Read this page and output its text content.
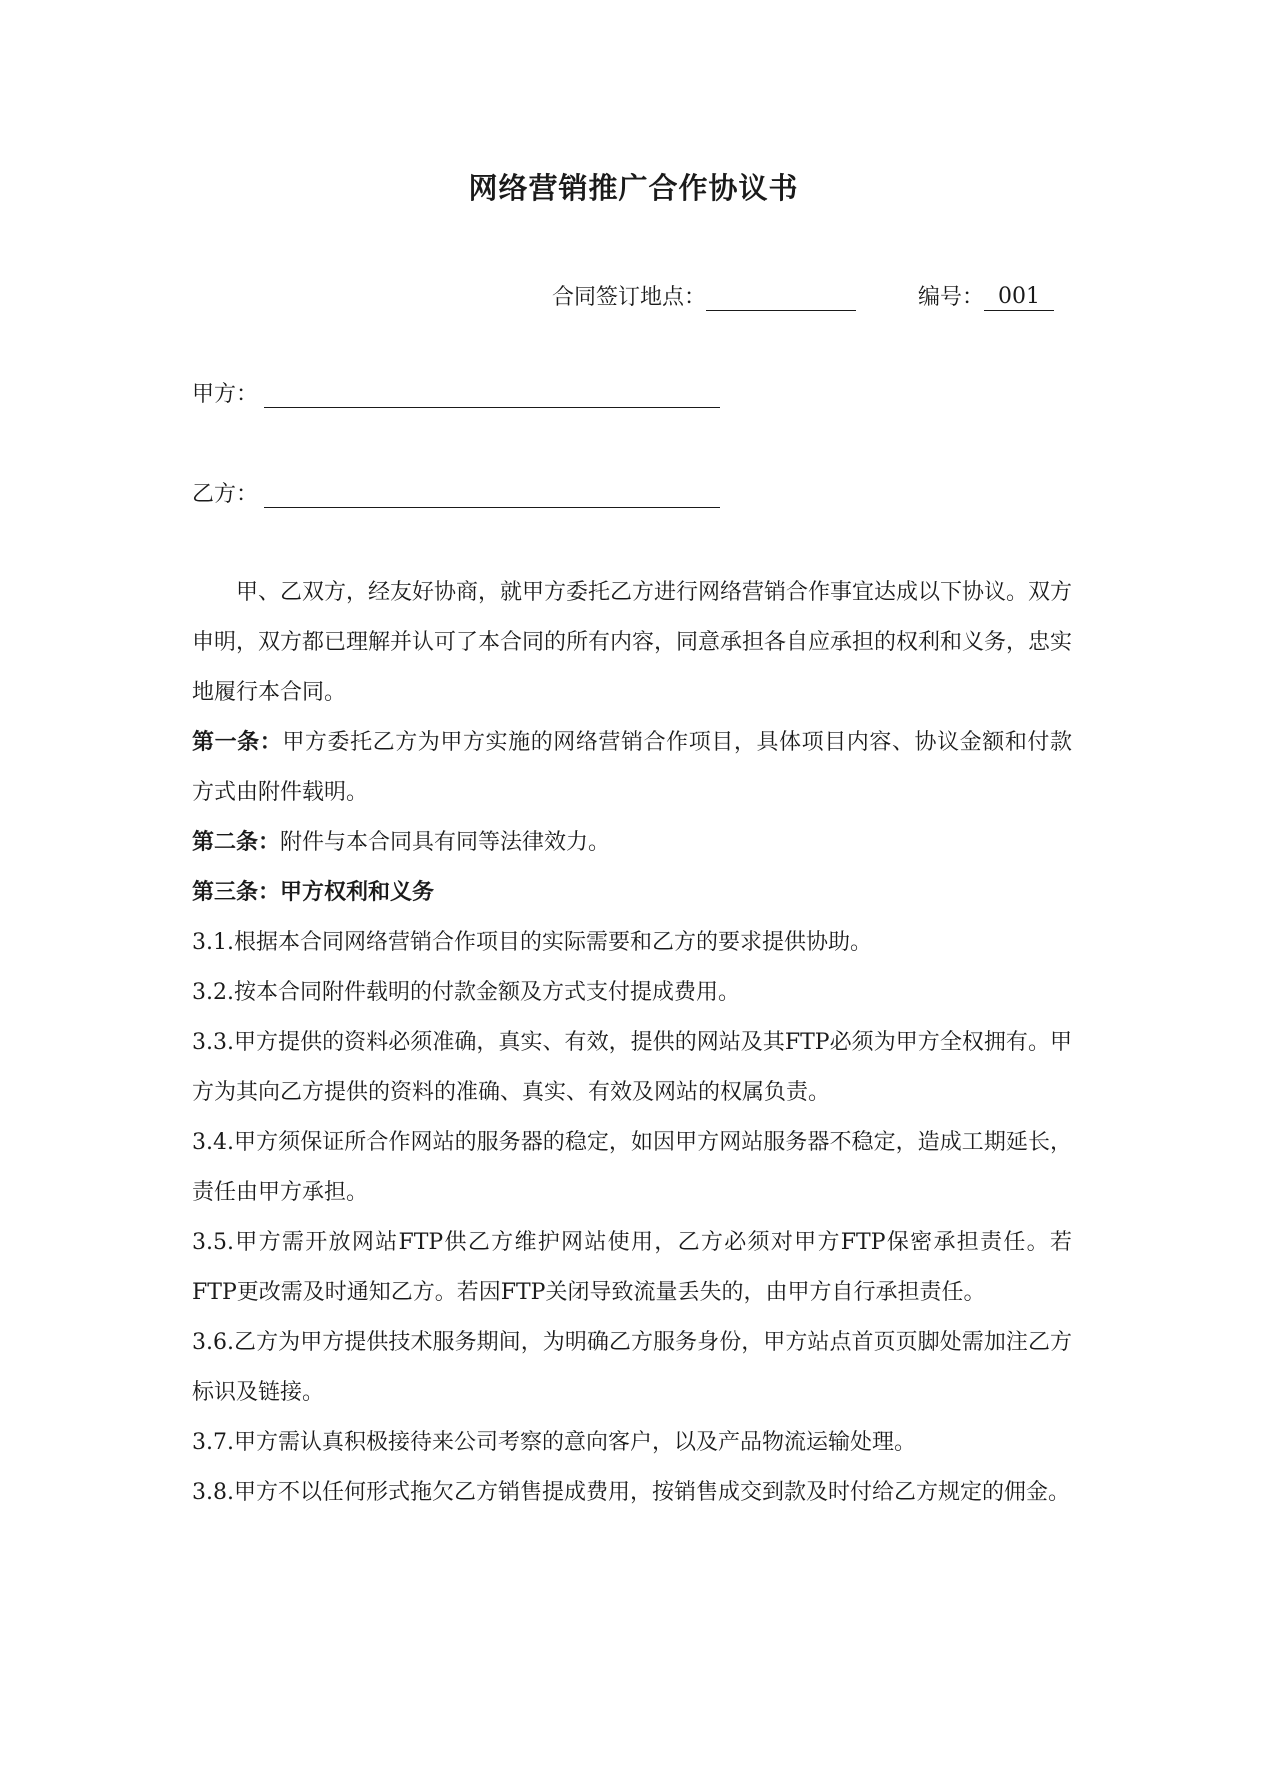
网络营销推广合作协议书
合同签订地点：	编号： 001
甲方：
乙方：

甲、乙双方，经友好协商，就甲方委托乙方进行网络营销合作事宜达成以下协议。双方申明，双方都已理解并认可了本合同的所有内容，同意承担各自应承担的权利和义务，忠实地履行本合同。

第一条：甲方委托乙方为甲方实施的网络营销合作项目，具体项目内容、协议金额和付款方式由附件载明。

第二条：附件与本合同具有同等法律效力。

第三条：甲方权利和义务

3.1.根据本合同网络营销合作项目的实际需要和乙方的要求提供协助。

3.2.按本合同附件载明的付款金额及方式支付提成费用。

3.3.甲方提供的资料必须准确，真实、有效，提供的网站及其FTP必须为甲方全权拥有。甲方为其向乙方提供的资料的准确、真实、有效及网站的权属负责。

3.4.甲方须保证所合作网站的服务器的稳定，如因甲方网站服务器不稳定，造成工期延长，责任由甲方承担。

3.5.甲方需开放网站FTP供乙方维护网站使用，乙方必须对甲方FTP保密承担责任。若FTP更改需及时通知乙方。若因FTP关闭导致流量丢失的，由甲方自行承担责任。

3.6.乙方为甲方提供技术服务期间，为明确乙方服务身份，甲方站点首页页脚处需加注乙方标识及链接。

3.7.甲方需认真积极接待来公司考察的意向客户，以及产品物流运输处理。

3.8.甲方不以任何形式拖欠乙方销售提成费用，按销售成交到款及时付给乙方规定的佣金。
